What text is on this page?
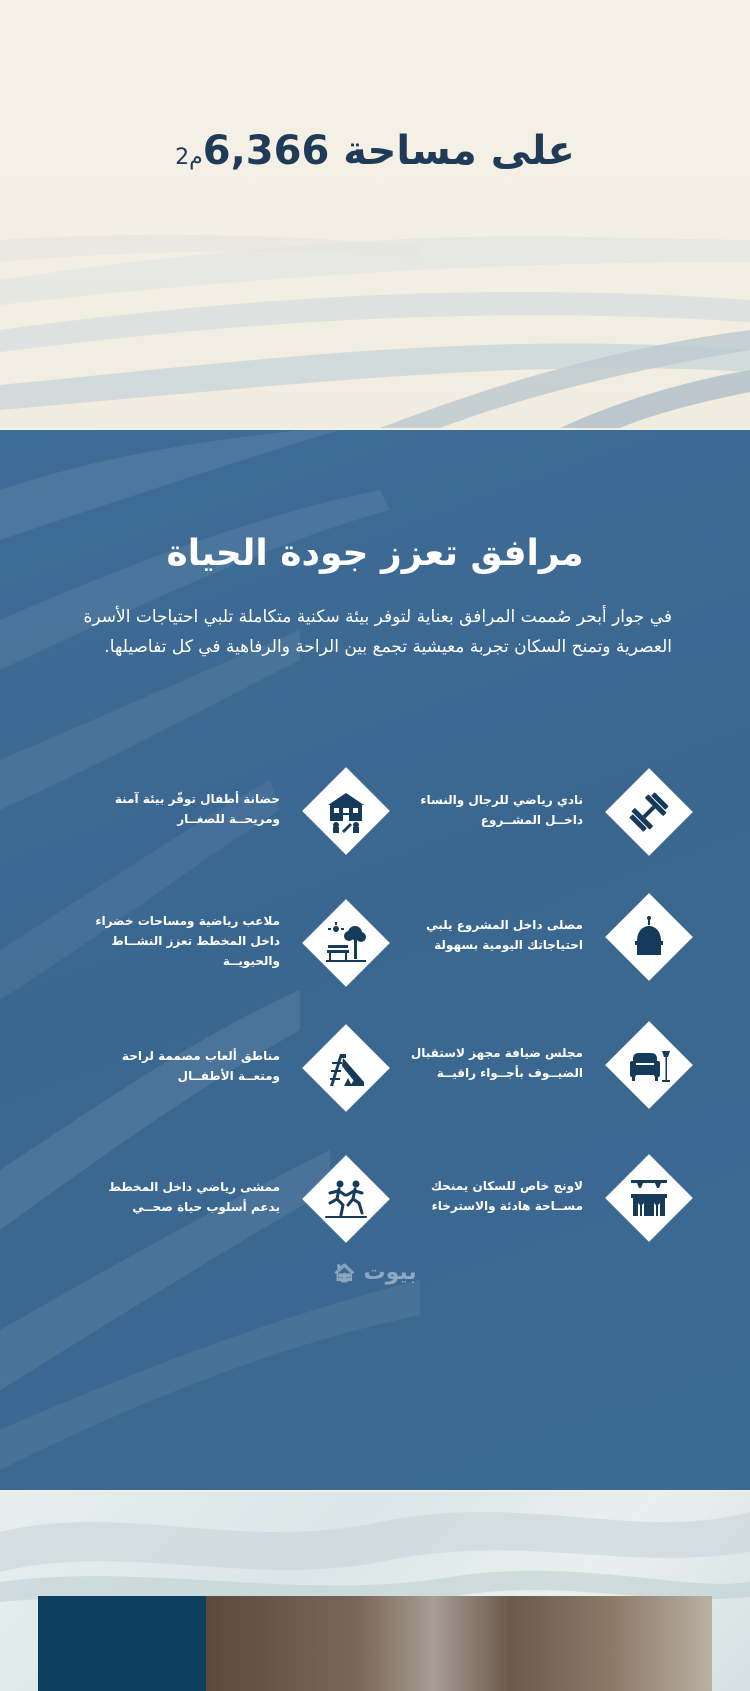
على مساحة 6,366م2
مرافق تعزز جودة الحياة

في جوار أبحر صُممت المرافق بعناية لتوفر بيئة سكنية متكاملة تلبي احتياجات الأسرة العصرية وتمنح السكان تجربة معيشية تجمع بين الراحة والرفاهية في كل تفاصيلها.

نادي رياضي للرجال والنساء داخــل المشــروع
مصلى داخل المشروع يلبي احتياجاتك اليومية بسهولة
مجلس ضيافة مجهز لاستقبال الضيــوف بأجــواء راقيــة
لاونج خاص للسكان يمنحك مســاحة هادئة والاسترخاء
حضانة أطفال توفّر بيئة آمنة ومريحــة للصغــار
ملاعب رياضية ومساحات خضراء داخل المخطط تعزز النشــاط والحيويــة
مناطق ألعاب مصممة لراحة ومتعــة الأطفــال
ممشى رياضي داخل المخطط يدعم أسلوب حياة صحــي
بيوت 🏠︎
